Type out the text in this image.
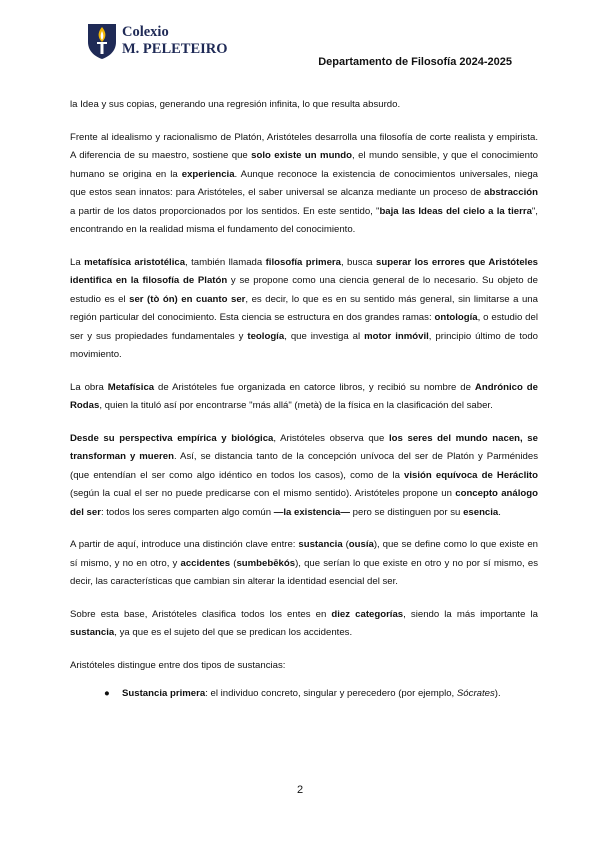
Colexio
M. PELETEIRO
Departamento de Filosofía 2024-2025

la Idea y sus copias, generando una regresión infinita, lo que resulta absurdo.

Frente al idealismo y racionalismo de Platón, Aristóteles desarrolla una filosofía de corte realista y empirista. A diferencia de su maestro, sostiene que solo existe un mundo, el mundo sensible, y que el conocimiento humano se origina en la experiencia. Aunque reconoce la existencia de conocimientos universales, niega que estos sean innatos: para Aristóteles, el saber universal se alcanza mediante un proceso de abstracción a partir de los datos proporcionados por los sentidos. En este sentido, "baja las Ideas del cielo a la tierra", encontrando en la realidad misma el fundamento del conocimiento.

La metafísica aristotélica, también llamada filosofía primera, busca superar los errores que Aristóteles identifica en la filosofía de Platón y se propone como una ciencia general de lo necesario. Su objeto de estudio es el ser (tò ón) en cuanto ser, es decir, lo que es en su sentido más general, sin limitarse a una región particular del conocimiento. Esta ciencia se estructura en dos grandes ramas: ontología, o estudio del ser y sus propiedades fundamentales y teología, que investiga al motor inmóvil, principio último de todo movimiento.

La obra Metafísica de Aristóteles fue organizada en catorce libros, y recibió su nombre de Andrónico de Rodas, quien la tituló así por encontrarse "más allá" (metà) de la física en la clasificación del saber.

Desde su perspectiva empírica y biológica, Aristóteles observa que los seres del mundo nacen, se transforman y mueren. Así, se distancia tanto de la concepción unívoca del ser de Platón y Parménides (que entendían el ser como algo idéntico en todos los casos), como de la visión equívoca de Heráclito (según la cual el ser no puede predicarse con el mismo sentido). Aristóteles propone un concepto análogo del ser: todos los seres comparten algo común —la existencia— pero se distinguen por su esencia.

A partir de aquí, introduce una distinción clave entre: sustancia (ousía), que se define como lo que existe en sí mismo, y no en otro, y accidentes (sumbebēkós), que serían lo que existe en otro y no por sí mismo, es decir, las características que cambian sin alterar la identidad esencial del ser.

Sobre esta base, Aristóteles clasifica todos los entes en diez categorías, siendo la más importante la sustancia, ya que es el sujeto del que se predican los accidentes.

Aristóteles distingue entre dos tipos de sustancias:

● Sustancia primera: el individuo concreto, singular y perecedero (por ejemplo, Sócrates).
2
